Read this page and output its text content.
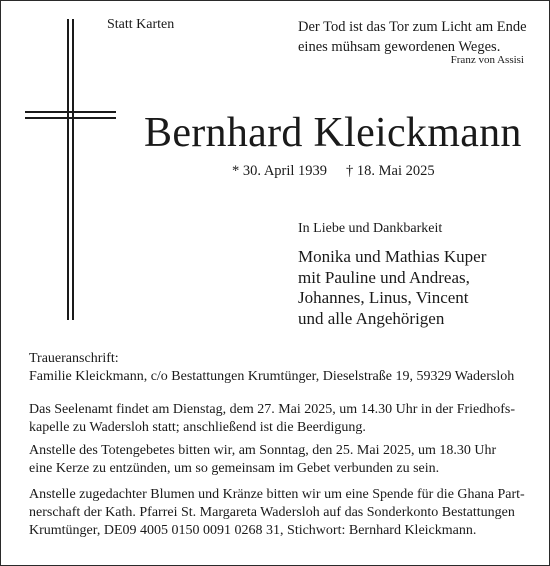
Statt Karten	Der Tod ist das Tor zum Licht am Ende
eines mühsam gewordenen Weges.
Franz von Assisi
Bernhard Kleickmann
* 30. April 1939 † 18. Mai 2025
In Liebe und Dankbarkeit
Monika und Mathias Kuper
mit Pauline und Andreas,
Johannes, Linus, Vincent
und alle Angehörigen
Traueranschrift:
Familie Kleickmann, c/o Bestattungen Krumtünger, Dieselstraße 19, 59329 Wadersloh
Das Seelenamt findet am Dienstag, dem 27. Mai 2025, um 14.30 Uhr in der Friedhofs-
kapelle zu Wadersloh statt; anschließend ist die Beerdigung.
Anstelle des Totengebetes bitten wir, am Sonntag, den 25. Mai 2025, um 18.30 Uhr
eine Kerze zu entzünden, um so gemeinsam im Gebet verbunden zu sein.
Anstelle zugedachter Blumen und Kränze bitten wir um eine Spende für die Ghana Part-
nerschaft der Kath. Pfarrei St. Margareta Wadersloh auf das Sonderkonto Bestattungen
Krumtünger, DE09 4005 0150 0091 0268 31, Stichwort: Bernhard Kleickmann.
